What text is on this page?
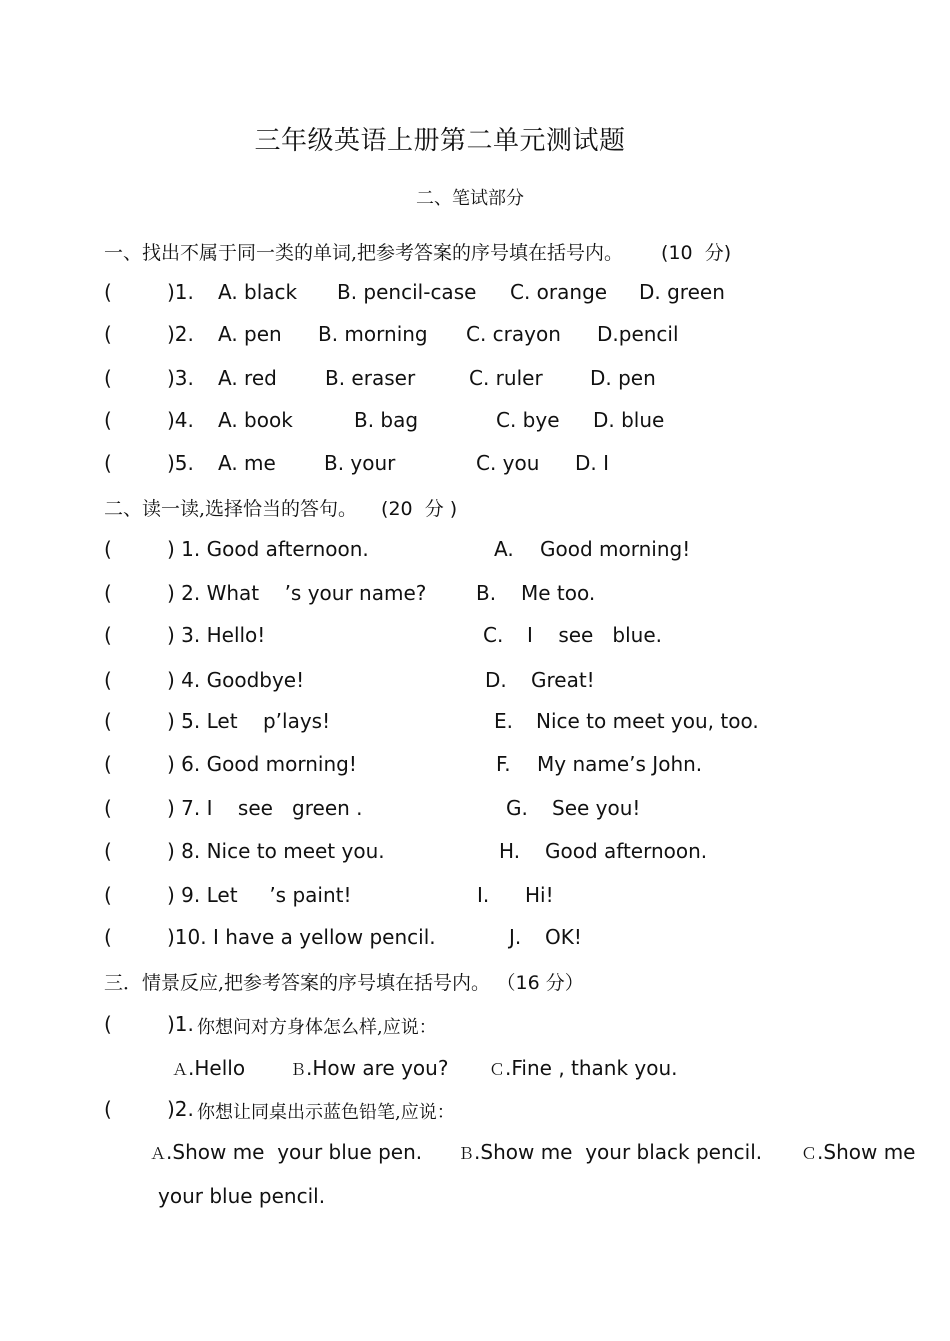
三年级英语上册第二单元测试题
二、笔试部分
一、找出不属于同一类的单词,把参考答案的序号填在括号内。 (10  分)
(	)1. A. black B. pencil-case C. orange D. green
(	)2. A. pen B. morning C. crayon D.pencil
(	)3. A. red B. eraser	C. ruler D. pen
(	)4. A. book	B. bag	C. bye D. blue
(	)5. A. me B. your	C. you D. I
二、读一读,选择恰当的答句。 (20  分 )
(	) 1. Good afternoon.	A. Good morning!
(	) 2. What    ’s your name? B. Me too.
(	) 3. Hello!	C. I    see   blue.
(	) 4. Goodbye!	D. Great!
(	) 5. Let    p’lays!	E. Nice to meet you, too.
(	) 6. Good morning!	F. My name’s John.
(	) 7. I    see   green .	G. See you!
(	) 8. Nice to meet you.	H. Good afternoon.
(	) 9. Let     ’s paint!	I. Hi!
(	)10. I have a yellow pencil.	J. OK!
三．情景反应,把参考答案的序号填在括号内。 （16 分）
(	)1. 你想问对方身体怎么样,应说：
Ａ.Hello	Ｂ.How are you?	Ｃ.Fine , thank you.
(	)2. 你想让同桌出示蓝色铅笔,应说：
Ａ.Show me  your blue pen. Ｂ.Show me  your black pencil. Ｃ.Show me
your blue pencil.
